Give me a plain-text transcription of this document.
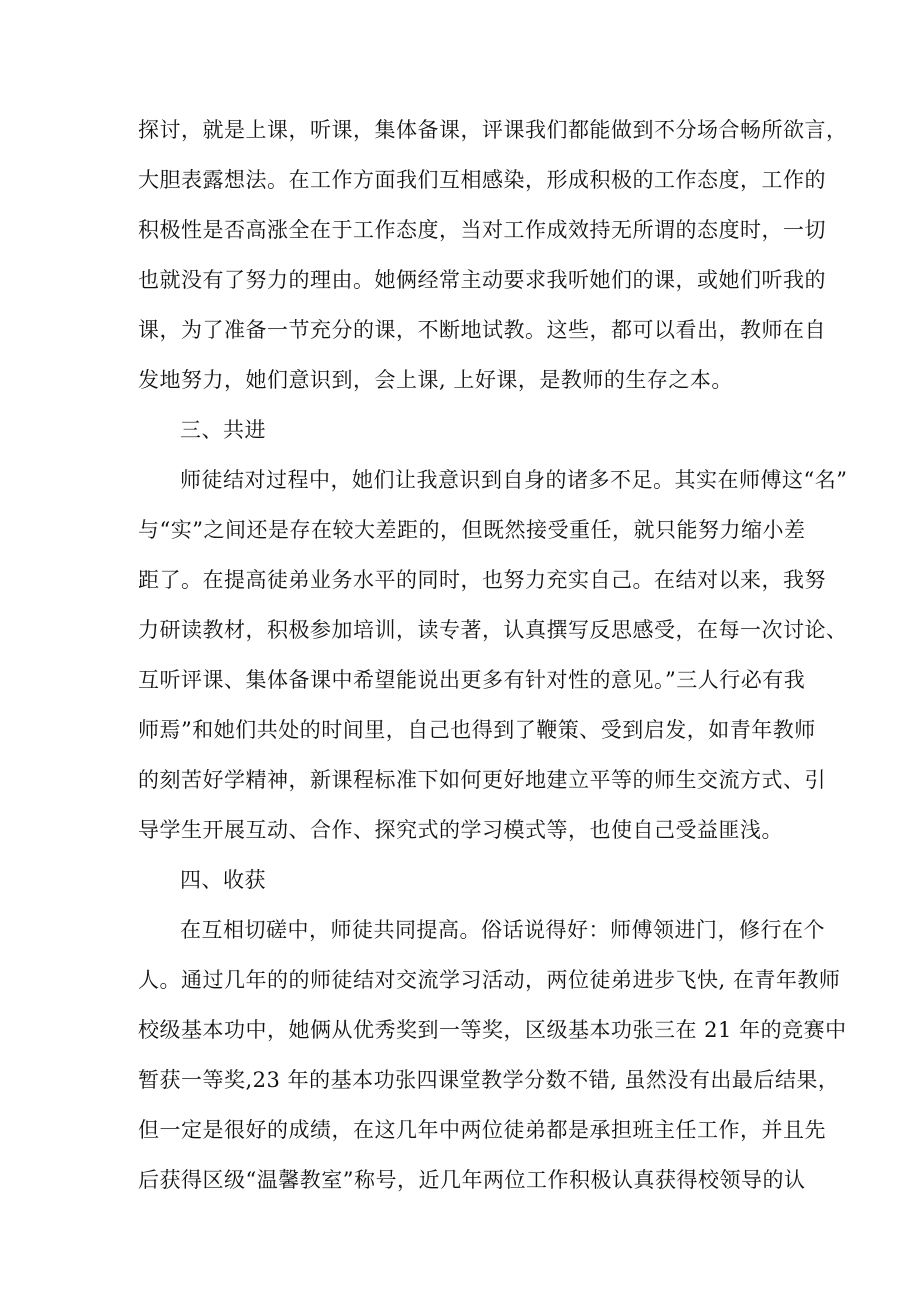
探讨，就是上课，听课，集体备课，评课我们都能做到不分场合畅所欲言，
大胆表露想法。在工作方面我们互相感染，形成积极的工作态度，工作的
积极性是否高涨全在于工作态度，当对工作成效持无所谓的态度时，一切
也就没有了努力的理由。她俩经常主动要求我听她们的课，或她们听我的
课，为了准备一节充分的课，不断地试教。这些，都可以看出，教师在自
发地努力，她们意识到，会上课, 上好课，是教师的生存之本。
三、共进
师徒结对过程中，她们让我意识到自身的诸多不足。其实在师傅这“名”
与“实”之间还是存在较大差距的，但既然接受重任，就只能努力缩小差
距了。在提高徒弟业务水平的同时，也努力充实自己。在结对以来，我努
力研读教材，积极参加培训，读专著，认真撰写反思感受，在每一次讨论、
互听评课、集体备课中希望能说出更多有针对性的意见。”三人行必有我
师焉”和她们共处的时间里，自己也得到了鞭策、受到启发，如青年教师
的刻苦好学精神，新课程标准下如何更好地建立平等的师生交流方式、引
导学生开展互动、合作、探究式的学习模式等，也使自己受益匪浅。
四、收获
在互相切磋中，师徒共同提高。俗话说得好：师傅领进门，修行在个
人。通过几年的的师徒结对交流学习活动，两位徒弟进步飞快, 在青年教师
校级基本功中，她俩从优秀奖到一等奖，区级基本功张三在 21 年的竞赛中
暂获一等奖,23 年的基本功张四课堂教学分数不错, 虽然没有出最后结果，
但一定是很好的成绩，在这几年中两位徒弟都是承担班主任工作，并且先
后获得区级“温馨教室”称号，近几年两位工作积极认真获得校领导的认
